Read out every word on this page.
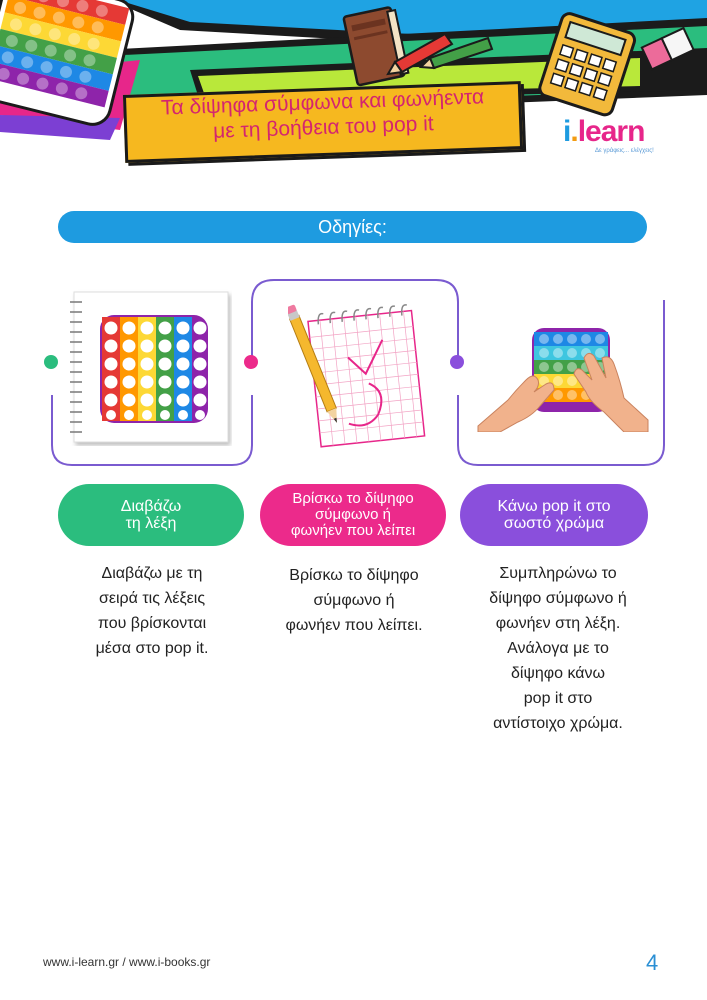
Τα δίψηφα σύμφωνα και φωνήεντα
με τη βοήθεια του pop it	i.learn
Δε γράφεις... ελέγχεις!
Οδηγίες:
Διαβάζω
τη λέξη
Βρίσκω το δίψηφο
σύμφωνο ή
φωνήεν που λείπει
Κάνω pop it στο
σωστό χρώμα
Διαβάζω με τη
σειρά τις λέξεις
που βρίσκονται
μέσα στο pop it.
Βρίσκω το δίψηφο
σύμφωνο ή
φωνήεν που λείπει.
Συμπληρώνω το
δίψηφο σύμφωνο ή
φωνήεν στη λέξη.
Ανάλογα με το
δίψηφο κάνω
pop it στο
αντίστοιχο χρώμα.
www.i-learn.gr / www.i-books.gr	4
